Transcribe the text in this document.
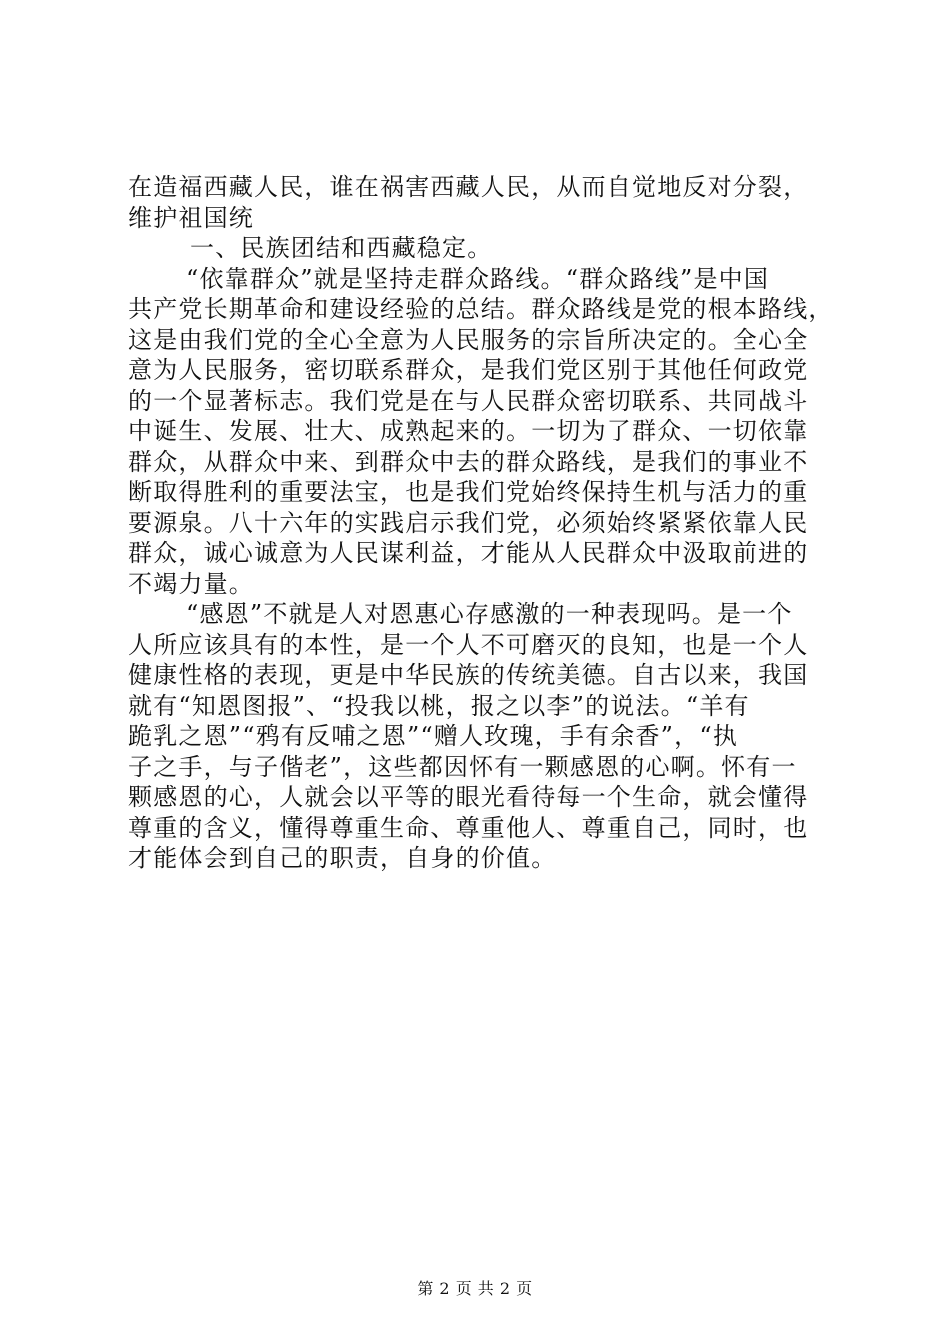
在造福西藏人民，谁在祸害西藏人民，从而自觉地反对分裂，
维护祖国统
一、民族团结和西藏稳定。
“依靠群众”就是坚持走群众路线。“群众路线”是中国
共产党长期革命和建设经验的总结。群众路线是党的根本路线，
这是由我们党的全心全意为人民服务的宗旨所决定的。全心全
意为人民服务，密切联系群众，是我们党区别于其他任何政党
的一个显著标志。我们党是在与人民群众密切联系、共同战斗
中诞生、发展、壮大、成熟起来的。一切为了群众、一切依靠
群众，从群众中来、到群众中去的群众路线，是我们的事业不
断取得胜利的重要法宝，也是我们党始终保持生机与活力的重
要源泉。八十六年的实践启示我们党，必须始终紧紧依靠人民
群众，诚心诚意为人民谋利益，才能从人民群众中汲取前进的
不竭力量。
“感恩”不就是人对恩惠心存感激的一种表现吗。是一个
人所应该具有的本性，是一个人不可磨灭的良知，也是一个人
健康性格的表现，更是中华民族的传统美德。自古以来，我国
就有“知恩图报”、“投我以桃，报之以李”的说法。“羊有
跪乳之恩”“鸦有反哺之恩”“赠人玫瑰，手有余香”，“执
子之手，与子偕老”，这些都因怀有一颗感恩的心啊。怀有一
颗感恩的心，人就会以平等的眼光看待每一个生命，就会懂得
尊重的含义，懂得尊重生命、尊重他人、尊重自己，同时，也
才能体会到自己的职责，自身的价值。
第 2 页 共 2 页
